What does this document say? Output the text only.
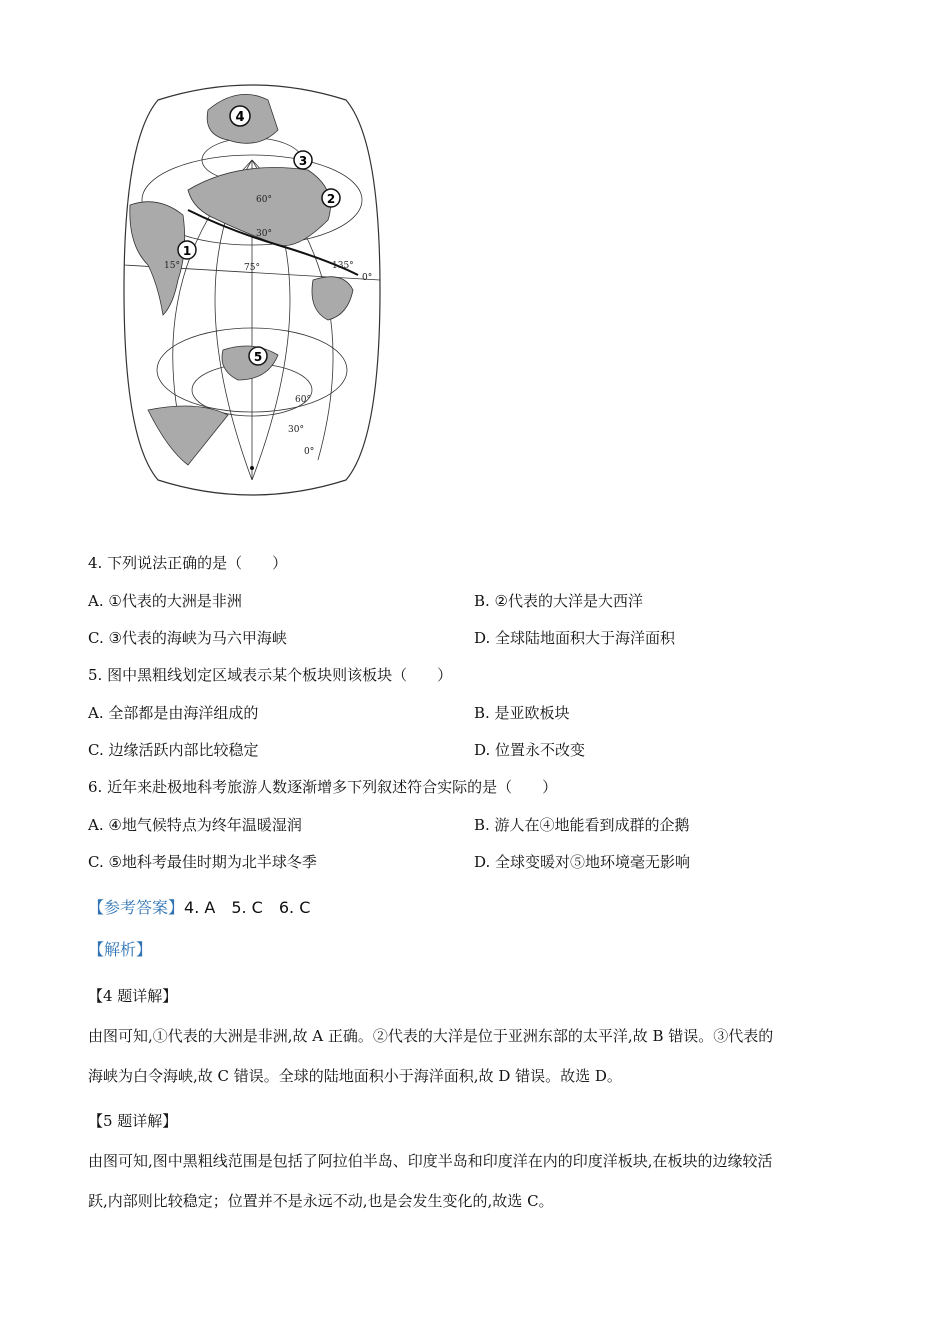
4
3
2
1
5
60°
30°
75°	135°
15°
0°
60°
30°
0°
4. 下列说法正确的是（　　）
A. ①代表的大洲是非洲	B. ②代表的大洋是大西洋
C. ③代表的海峡为马六甲海峡	D. 全球陆地面积大于海洋面积
5. 图中黑粗线划定区域表示某个板块则该板块（　　）
A. 全部都是由海洋组成的	B. 是亚欧板块
C. 边缘活跃内部比较稳定	D. 位置永不改变
6. 近年来赴极地科考旅游人数逐渐增多下列叙述符合实际的是（　　）
A. ④地气候特点为终年温暖湿润	B. 游人在④地能看到成群的企鹅
C. ⑤地科考最佳时期为北半球冬季	D. 全球变暖对⑤地环境毫无影响
【参考答案】4. A　5. C　6. C
【解析】
【4 题详解】
由图可知,①代表的大洲是非洲,故 A 正确。②代表的大洋是位于亚洲东部的太平洋,故 B 错误。③代表的
海峡为白令海峡,故 C 错误。全球的陆地面积小于海洋面积,故 D 错误。故选 D。
【5 题详解】
由图可知,图中黑粗线范围是包括了阿拉伯半岛、印度半岛和印度洋在内的印度洋板块,在板块的边缘较活
跃,内部则比较稳定；位置并不是永远不动,也是会发生变化的,故选 C。
